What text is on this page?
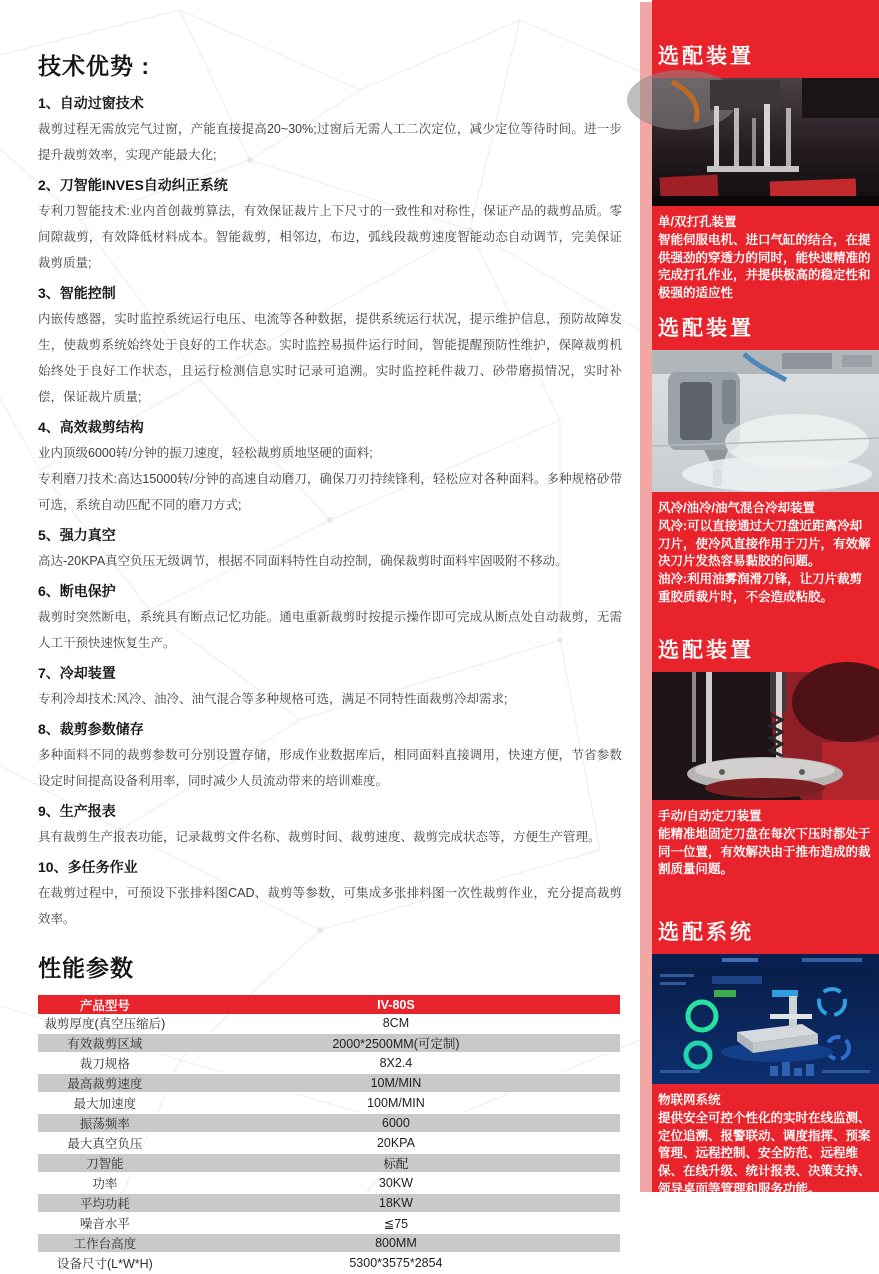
技术优势 :
1、自动过窗技术

裁剪过程无需放完气过窗，产能直接提高20~30%;过窗后无需人工二次定位，减少定位等待时间。进一步提升裁剪效率，实现产能最大化;

2、刀智能INVES自动纠正系统

专利刀智能技术:业内首创裁剪算法，有效保证裁片上下尺寸的一致性和对称性，保证产品的裁剪品质。零间隙裁剪，有效降低材料成本。智能裁剪，相邻边，布边，弧线段裁剪速度智能动态自动调节，完美保证裁剪质量;

3、智能控制

内嵌传感器，实时监控系统运行电压、电流等各种数据，提供系统运行状况，提示维护信息，预防故障发生，使裁剪系统始终处于良好的工作状态。实时监控易损件运行时间，智能提醒预防性维护，保障裁剪机始终处于良好工作状态，且运行检测信息实时记录可追溯。实时监控耗件裁刀、砂带磨损情况，实时补偿，保证裁片质量;

4、高效裁剪结构

业内顶级6000转/分钟的振刀速度，轻松裁剪质地坚硬的面料;

专利磨刀技术:高达15000转/分钟的高速自动磨刀，确保刀刃持续锋利，轻松应对各种面料。多种规格砂带可选，系统自动匹配不同的磨刀方式;

5、强力真空

高达-20KPA真空负压无级调节，根据不同面料特性自动控制，确保裁剪时面料牢固吸附不移动。

6、断电保护

裁剪时突然断电，系统具有断点记忆功能。通电重新裁剪时按提示操作即可完成从断点处自动裁剪，无需人工干预快速恢复生产。

7、冷却装置

专利冷却技术:风冷、油冷、油气混合等多种规格可选，满足不同特性面裁剪冷却需求;

8、裁剪参数储存

多种面料不同的裁剪参数可分别设置存储，形成作业数据库后，相同面料直接调用，快速方便，节省参数设定时间提高设备利用率，同时减少人员流动带来的培训难度。

9、生产报表

具有裁剪生产报表功能，记录裁剪文件名称、裁剪时间、裁剪速度、裁剪完成状态等，方便生产管理。

10、多任务作业

在裁剪过程中，可预设下张排料图CAD、裁剪等参数，可集成多张排料图一次性裁剪作业，充分提高裁剪效率。

性能参数
产品型号	IV-80S
裁剪厚度(真空压缩后)	8CM
有效裁剪区域	2000*2500MM(可定制)
裁刀规格	8X2.4
最高裁剪速度	10M/MIN
最大加速度	100M/MIN
振荡频率	6000
最大真空负压	20KPA
刀智能	标配
功率	30KW
平均功耗	18KW
噪音水平	≦75
工作台高度	800MM
设备尺寸(L*W*H)	5300*3575*2854
选配装置
单/双打孔装置
智能伺服电机、进口气缸的结合，在提供强劲的穿透力的同时，能快速精准的完成打孔作业，并提供极高的稳定性和极强的适应性
选配装置
风冷/油冷/油气混合冷却装置
风冷:可以直接通过大刀盘近距离冷却刀片，使冷风直接作用于刀片，有效解决刀片发热容易黏胶的问题。
油冷:利用油雾润滑刀锋，让刀片裁剪重胶质裁片时，不会造成粘胶。
选配装置
手动/自动定刀装置
能精准地固定刀盘在每次下压时都处于同一位置，有效解决由于推布造成的裁割质量问题。
选配系统
物联网系统
提供安全可控个性化的实时在线监测、定位追溯、报警联动、调度指挥、预案管理、远程控制、安全防范、远程维保、在线升级、统计报表、决策支持、领导桌面等管理和服务功能。
